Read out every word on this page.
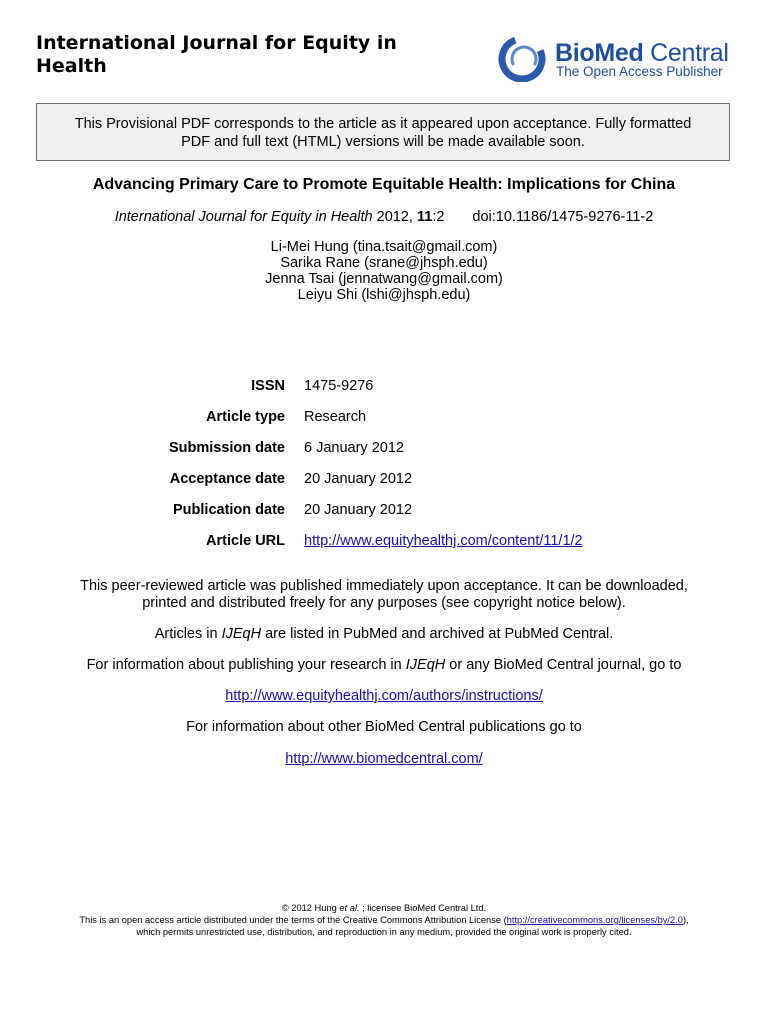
International Journal for Equity in Health	BioMed Central
The Open Access Publisher
This Provisional PDF corresponds to the article as it appeared upon acceptance. Fully formatted
PDF and full text (HTML) versions will be made available soon.
Advancing Primary Care to Promote Equitable Health: Implications for China
International Journal for Equity in Health 2012, 11:2 doi:10.1186/1475-9276-11-2
Li-Mei Hung (tina.tsait@gmail.com)
Sarika Rane (srane@jhsph.edu)
Jenna Tsai (jennatwang@gmail.com)
Leiyu Shi (lshi@jhsph.edu)
ISSN 1475-9276
Article type Research
Submission date 6 January 2012
Acceptance date 20 January 2012
Publication date 20 January 2012
Article URL http://www.equityhealthj.com/content/11/1/2
This peer-reviewed article was published immediately upon acceptance. It can be downloaded,
printed and distributed freely for any purposes (see copyright notice below).
Articles in IJEqH are listed in PubMed and archived at PubMed Central.
For information about publishing your research in IJEqH or any BioMed Central journal, go to
http://www.equityhealthj.com/authors/instructions/
For information about other BioMed Central publications go to
http://www.biomedcentral.com/
© 2012 Hung et al. ; licensee BioMed Central Ltd.
This is an open access article distributed under the terms of the Creative Commons Attribution License (http://creativecommons.org/licenses/by/2.0),
which permits unrestricted use, distribution, and reproduction in any medium, provided the original work is properly cited.
